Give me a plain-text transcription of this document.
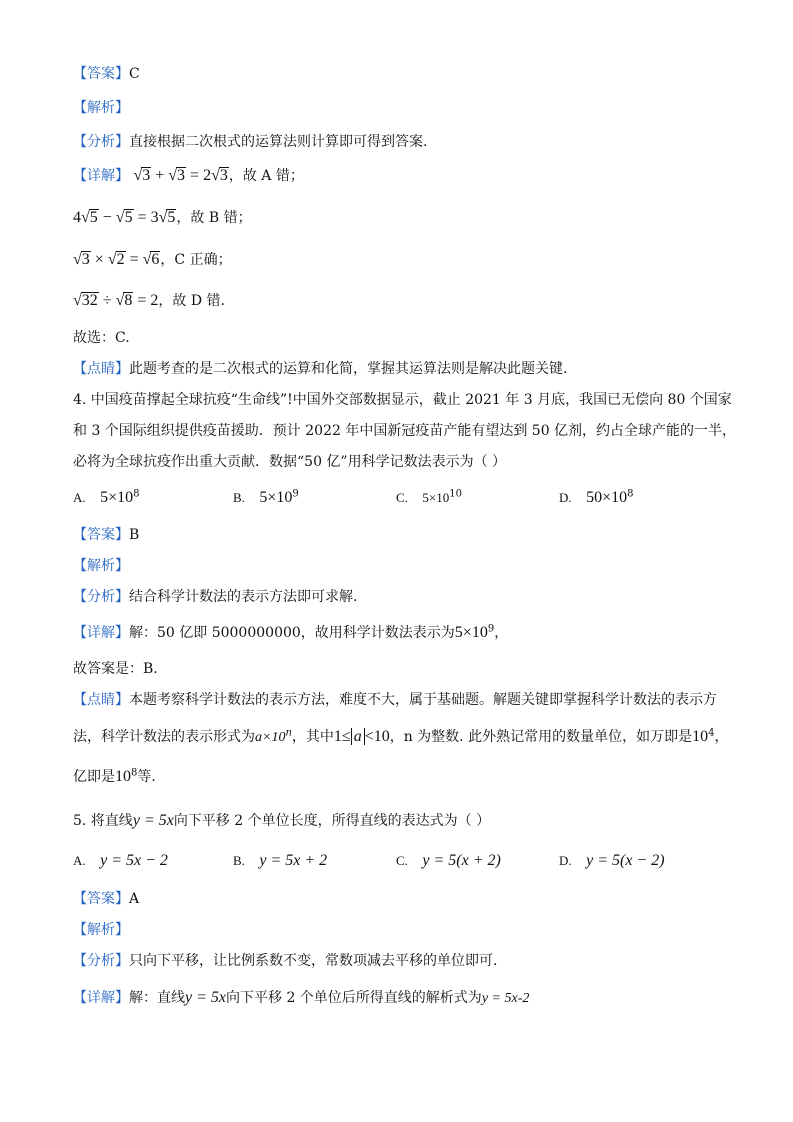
【答案】C
【解析】
【分析】直接根据二次根式的运算法则计算即可得到答案.
【详解】 √3 + √3 = 2√3，故 A 错；
4√5 − √5 = 3√5，故 B 错；
√3 × √2 = √6，C 正确；
√32 ÷ √8 = 2，故 D 错.
故选：C.
【点睛】此题考查的是二次根式的运算和化简，掌握其运算法则是解决此题关键.
4. 中国疫苗撑起全球抗疫“生命线”!中国外交部数据显示，截止 2021 年 3 月底，我国已无偿向 80 个国家
和 3 个国际组织提供疫苗援助．预计 2022 年中国新冠疫苗产能有望达到 50 亿剂，约占全球产能的一半，
必将为全球抗疫作出重大贡献．数据“50 亿”用科学记数法表示为（ ）
A. $5\times 10^8$	B. $5\times 10^9$	C. $5\times 10^{10}$	D. $50\times 10^8$
【答案】B
【解析】
【分析】结合科学计数法的表示方法即可求解.
【详解】解：50 亿即 5000000000，故用科学计数法表示为$5\times 10^9$，
故答案是：B.
【点睛】本题考察科学计数法的表示方法，难度不大，属于基础题。解题关键即掌握科学计数法的表示方
法，科学计数法的表示形式为$a\times 10^n$，其中1≤ a <10，n 为整数. 此外熟记常用的数量单位，如万即是$10^4$，
亿即是$10^8$等.
5. 将直线y = 5x向下平移 2 个单位长度，所得直线的表达式为（ ）
A. y = 5x − 2	B. y = 5x + 2	C. y = 5(x + 2)	D. y = 5(x − 2)
【答案】A
【解析】
【分析】只向下平移，让比例系数不变，常数项减去平移的单位即可.
【详解】解：直线y = 5x向下平移 2 个单位后所得直线的解析式为y = 5x-2
